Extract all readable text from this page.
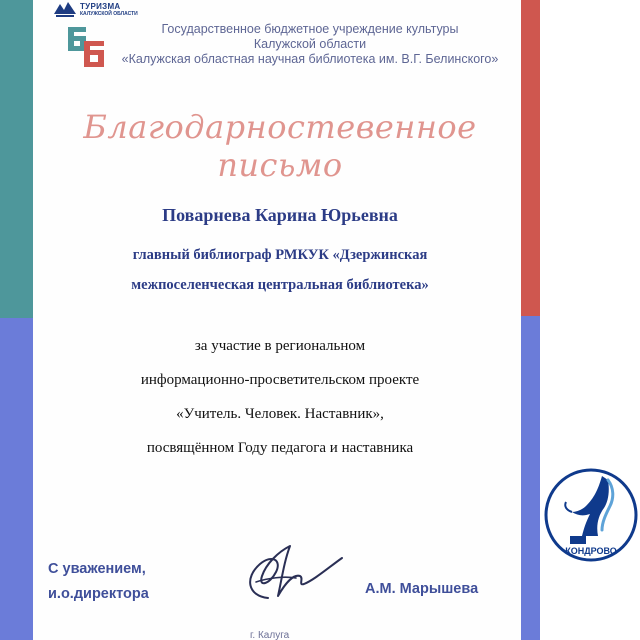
ТУРИЗМА
КАЛУЖСКОЙ ОБЛАСТИ
Государственное бюджетное учреждение культуры
Калужской области
«Калужская областная научная библиотека им. В.Г. Белинского»
Благодарностевенное письмо
Поварнева Карина Юрьевна
главный библиограф РМКУК «Дзержинская
межпоселенческая центральная библиотека»
за участие в региональном
информационно-просветительском проекте
«Учитель. Человек. Наставник»,
посвящённом Году педагога и наставника
С уважением,
и.о.директора	А.М. Марышева
г. Калуга
КОНДРОВО
